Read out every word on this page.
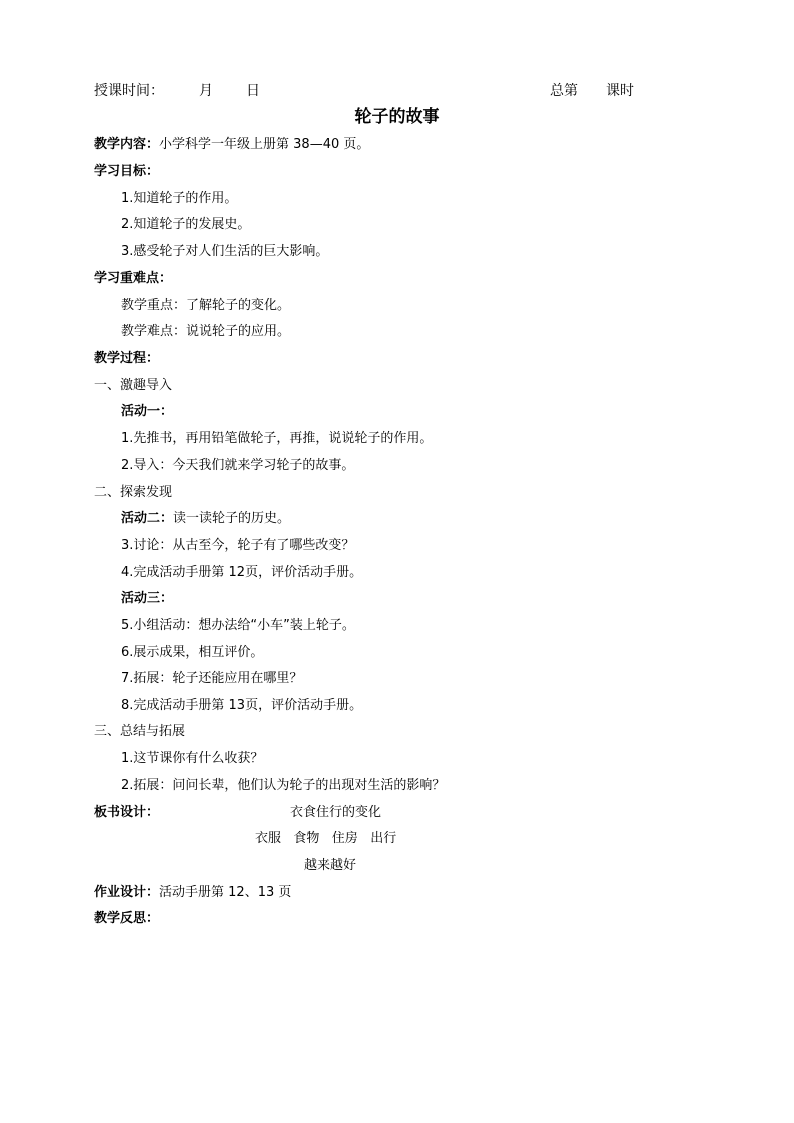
授课时间：	月 日	总第 课时
轮子的故事
教学内容：小学科学一年级上册第 38—40 页。
学习目标：
1.知道轮子的作用。
2.知道轮子的发展史。
3.感受轮子对人们生活的巨大影响。
学习重难点：
教学重点：了解轮子的变化。
教学难点：说说轮子的应用。
教学过程：
一、激趣导入
活动一：
1.先推书，再用铅笔做轮子，再推，说说轮子的作用。
2.导入：今天我们就来学习轮子的故事。
二、探索发现
活动二：读一读轮子的历史。
3.讨论：从古至今，轮子有了哪些改变？
4.完成活动手册第 12页，评价活动手册。
活动三：
5.小组活动：想办法给“小车”装上轮子。
6.展示成果，相互评价。
7.拓展：轮子还能应用在哪里？
8.完成活动手册第 13页，评价活动手册。
三、总结与拓展
1.这节课你有什么收获？
2.拓展：问问长辈，他们认为轮子的出现对生活的影响？
板书设计：	衣食住行的变化
衣服   食物   住房   出行
越来越好
作业设计：活动手册第 12、13 页
教学反思：
